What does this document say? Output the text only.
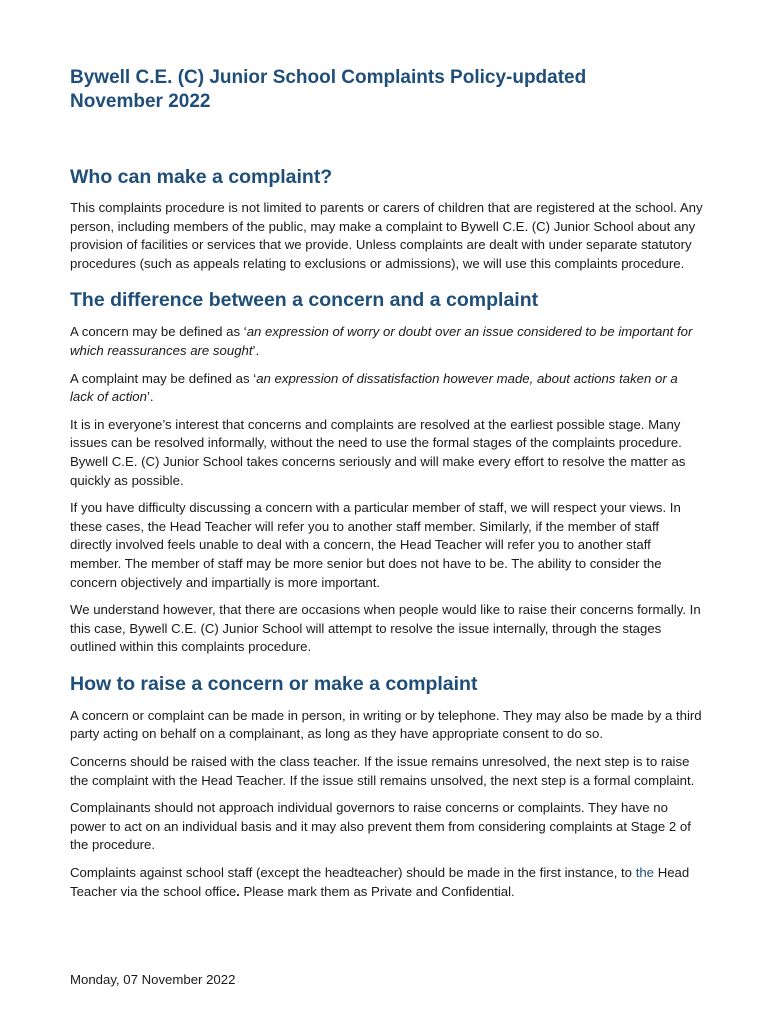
Bywell C.E. (C) Junior School Complaints Policy-updated
November 2022
Who can make a complaint?

This complaints procedure is not limited to parents or carers of children that are registered at the school. Any person, including members of the public, may make a complaint to Bywell C.E. (C) Junior School about any provision of facilities or services that we provide. Unless complaints are dealt with under separate statutory procedures (such as appeals relating to exclusions or admissions), we will use this complaints procedure.

The difference between a concern and a complaint

A concern may be defined as ‘an expression of worry or doubt over an issue considered to be important for which reassurances are sought’.

A complaint may be defined as ‘an expression of dissatisfaction however made, about actions taken or a lack of action’.

It is in everyone’s interest that concerns and complaints are resolved at the earliest possible stage. Many issues can be resolved informally, without the need to use the formal stages of the complaints procedure. Bywell C.E. (C) Junior School takes concerns seriously and will make every effort to resolve the matter as quickly as possible.

If you have difficulty discussing a concern with a particular member of staff, we will respect your views. In these cases, the Head Teacher will refer you to another staff member. Similarly, if the member of staff directly involved feels unable to deal with a concern, the Head Teacher will refer you to another staff member. The member of staff may be more senior but does not have to be. The ability to consider the concern objectively and impartially is more important.

We understand however, that there are occasions when people would like to raise their concerns formally. In this case, Bywell C.E. (C) Junior School will attempt to resolve the issue internally, through the stages outlined within this complaints procedure.

How to raise a concern or make a complaint

A concern or complaint can be made in person, in writing or by telephone. They may also be made by a third party acting on behalf on a complainant, as long as they have appropriate consent to do so.

Concerns should be raised with the class teacher. If the issue remains unresolved, the next step is to raise the complaint with the Head Teacher. If the issue still remains unsolved, the next step is a formal complaint.

Complainants should not approach individual governors to raise concerns or complaints. They have no power to act on an individual basis and it may also prevent them from considering complaints at Stage 2 of the procedure.

Complaints against school staff (except the headteacher) should be made in the first instance, to the Head Teacher via the school office. Please mark them as Private and Confidential.

Monday, 07 November 2022
